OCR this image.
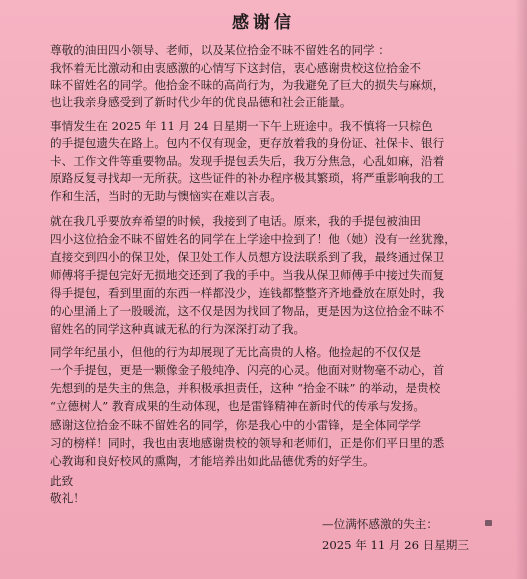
感谢信
尊敬的油田四小领导、老师，以及某位拾金不昧不留姓名的同学 ：
我怀着无比激动和由衷感激的心情写下这封信，衷心感谢贵校这位拾金不
昧不留姓名的同学。他拾金不昧的高尚行为，为我避免了巨大的损失与麻烦，
也让我亲身感受到了新时代少年的优良品德和社会正能量。
事情发生在 2025 年 11 月 24 日星期一下午上班途中。我不慎将一只棕色
的手提包遗失在路上。包内不仅有现金，更存放着我的身份证、社保卡、银行
卡、工作文件等重要物品。发现手提包丢失后，我万分焦急，心乱如麻，沿着
原路反复寻找却一无所获。这些证件的补办程序极其繁琐，将严重影响我的工
作和生活，当时的无助与懊恼实在难以言表。
就在我几乎要放弃希望的时候，我接到了电话。原来，我的手提包被油田
四小这位拾金不昧不留姓名的同学在上学途中捡到了！他（她）没有一丝犹豫，
直接交到四小的保卫处，保卫处工作人员想方设法联系到了我，最终通过保卫
师傅将手提包完好无损地交还到了我的手中。当我从保卫师傅手中接过失而复
得手提包，看到里面的东西一样都没少，连钱都整整齐齐地叠放在原处时，我
的心里涌上了一股暖流，这不仅是因为找回了物品，更是因为这位拾金不昧不
留姓名的同学这种真诚无私的行为深深打动了我。
同学年纪虽小，但他的行为却展现了无比高贵的人格。他捡起的不仅仅是
一个手提包，更是一颗像金子般纯净、闪亮的心灵。他面对财物毫不动心，首
先想到的是失主的焦急，并积极承担责任，这种 “拾金不昧” 的举动，是贵校
“立德树人” 教育成果的生动体现，也是雷锋精神在新时代的传承与发扬。
感谢这位拾金不昧不留姓名的同学，你是我心中的小雷锋，是全体同学学
习的榜样！同时，我也由衷地感谢贵校的领导和老师们，正是你们平日里的悉
心教诲和良好校风的熏陶，才能培养出如此品德优秀的好学生。
此致
敬礼！
—位满怀感激的失主：
2025 年 11 月 26 日星期三
